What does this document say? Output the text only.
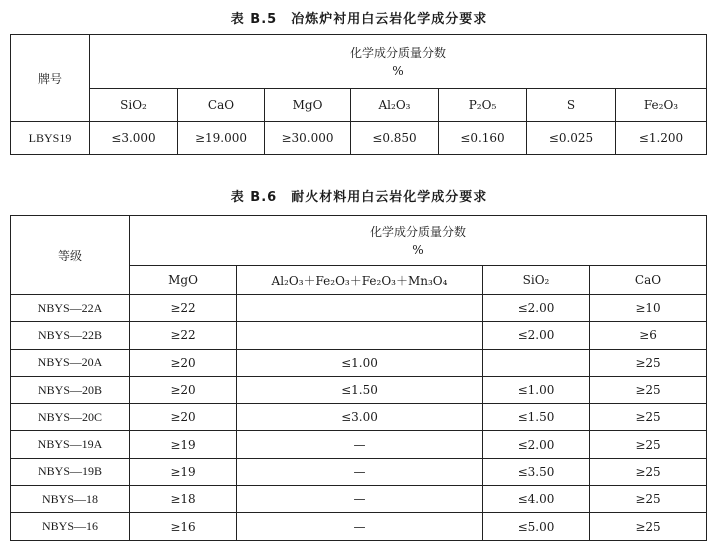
表 B.5　冶炼炉衬用白云岩化学成分要求
牌号	化学成分质量分数
%						

	SiO₂	CaO	MgO	Al₂O₃	P₂O₅	S	Fe₂O₃
LBYS19	≤3.000	≥19.000	≥30.000	≤0.850	≤0.160	≤0.025	≤1.200
表 B.6　耐火材料用白云岩化学成分要求
等级	化学成分质量分数
%			

	MgO	Al₂O₃＋Fe₂O₃＋Fe₂O₃＋Mn₃O₄	SiO₂	CaO
NBYS—22A	≥22		≤2.00	≥10
NBYS—22B	≥22		≤2.00	≥6
NBYS—20A	≥20	≤1.00		≥25
NBYS—20B	≥20	≤1.50	≤1.00	≥25
NBYS—20C	≥20	≤3.00	≤1.50	≥25
NBYS—19A	≥19	—	≤2.00	≥25
NBYS—19B	≥19	—	≤3.50	≥25
NBYS—18	≥18	—	≤4.00	≥25
NBYS—16	≥16	—	≤5.00	≥25
